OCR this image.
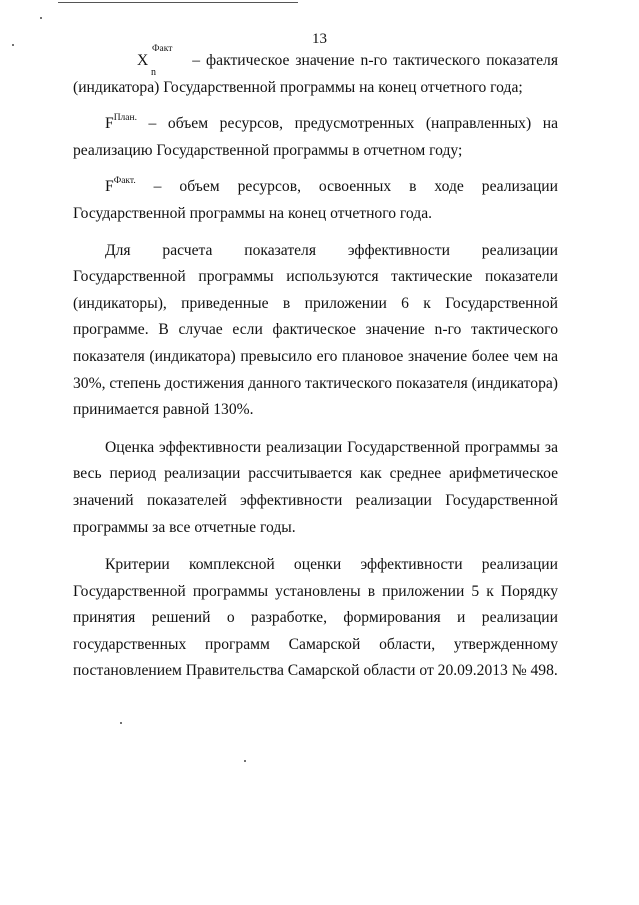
13

X
n
Факт
– фактическое значение n-го тактического показателя (индикатора) Государственной программы на конец отчетного года;

$F^{План.}$ – объем ресурсов, предусмотренных (направленных) на реализацию Государственной программы в отчетном году;

$F^{Факт.}$ – объем ресурсов, освоенных в ходе реализации Государственной программы на конец отчетного года.

Для расчета показателя эффективности реализации Государственной программы используются тактические показатели (индикаторы), приведенные в приложении 6 к Государственной программе. В случае если фактическое значение n-го тактического показателя (индикатора) превысило его плановое значение более чем на 30%, степень достижения данного тактического показателя (индикатора) принимается равной 130%.

Оценка эффективности реализации Государственной программы за весь период реализации рассчитывается как среднее арифметическое значений показателей эффективности реализации Государственной программы за все отчетные годы.

Критерии комплексной оценки эффективности реализации Государственной программы установлены в приложении 5 к Порядку принятия решений о разработке, формирования и реализации государственных программ Самарской области, утвержденному постановлением Правительства Самарской области от 20.09.2013 № 498.
